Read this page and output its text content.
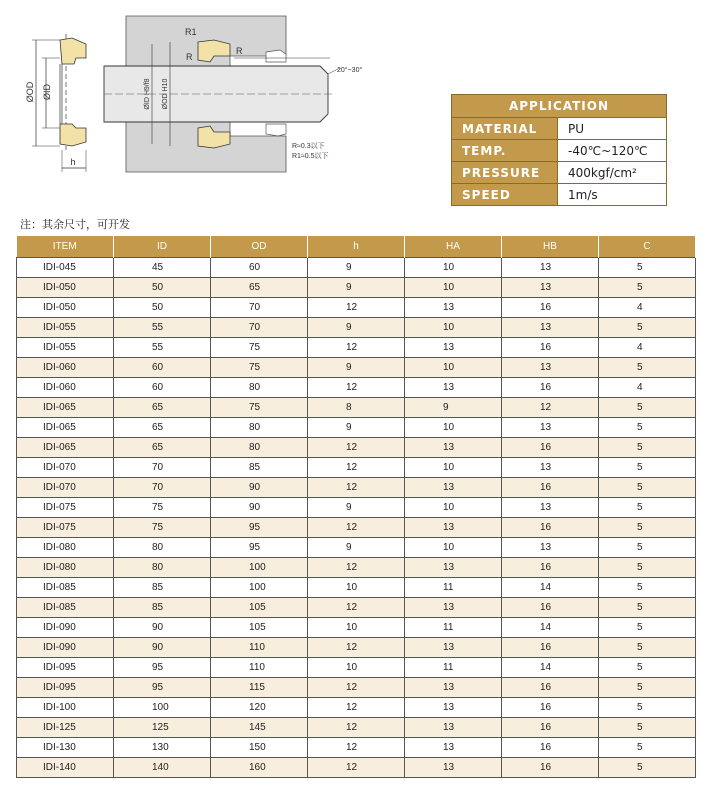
ØOD ØID
h
R1
R
R
ØID H9/f8 ØOD H10
20°~30°
R≈0.3以下
R1≈0.5以下
APPLICATION	
MATERIAL	PU
TEMP.	-40℃~120℃
PRESSURE	400kgf/cm²
SPEED	1m/s
注：其余尺寸，可开发
ITEM	ID	OD	h	HA	HB	C
IDI-045	45	60	9	10	13	5
IDI-050	50	65	9	10	13	5
IDI-050	50	70	12	13	16	4
IDI-055	55	70	9	10	13	5
IDI-055	55	75	12	13	16	4
IDI-060	60	75	9	10	13	5
IDI-060	60	80	12	13	16	4
IDI-065	65	75	8	9	12	5
IDI-065	65	80	9	10	13	5
IDI-065	65	80	12	13	16	5
IDI-070	70	85	12	10	13	5
IDI-070	70	90	12	13	16	5
IDI-075	75	90	9	10	13	5
IDI-075	75	95	12	13	16	5
IDI-080	80	95	9	10	13	5
IDI-080	80	100	12	13	16	5
IDI-085	85	100	10	11	14	5
IDI-085	85	105	12	13	16	5
IDI-090	90	105	10	11	14	5
IDI-090	90	110	12	13	16	5
IDI-095	95	110	10	11	14	5
IDI-095	95	115	12	13	16	5
IDI-100	100	120	12	13	16	5
IDI-125	125	145	12	13	16	5
IDI-130	130	150	12	13	16	5
IDI-140	140	160	12	13	16	5
